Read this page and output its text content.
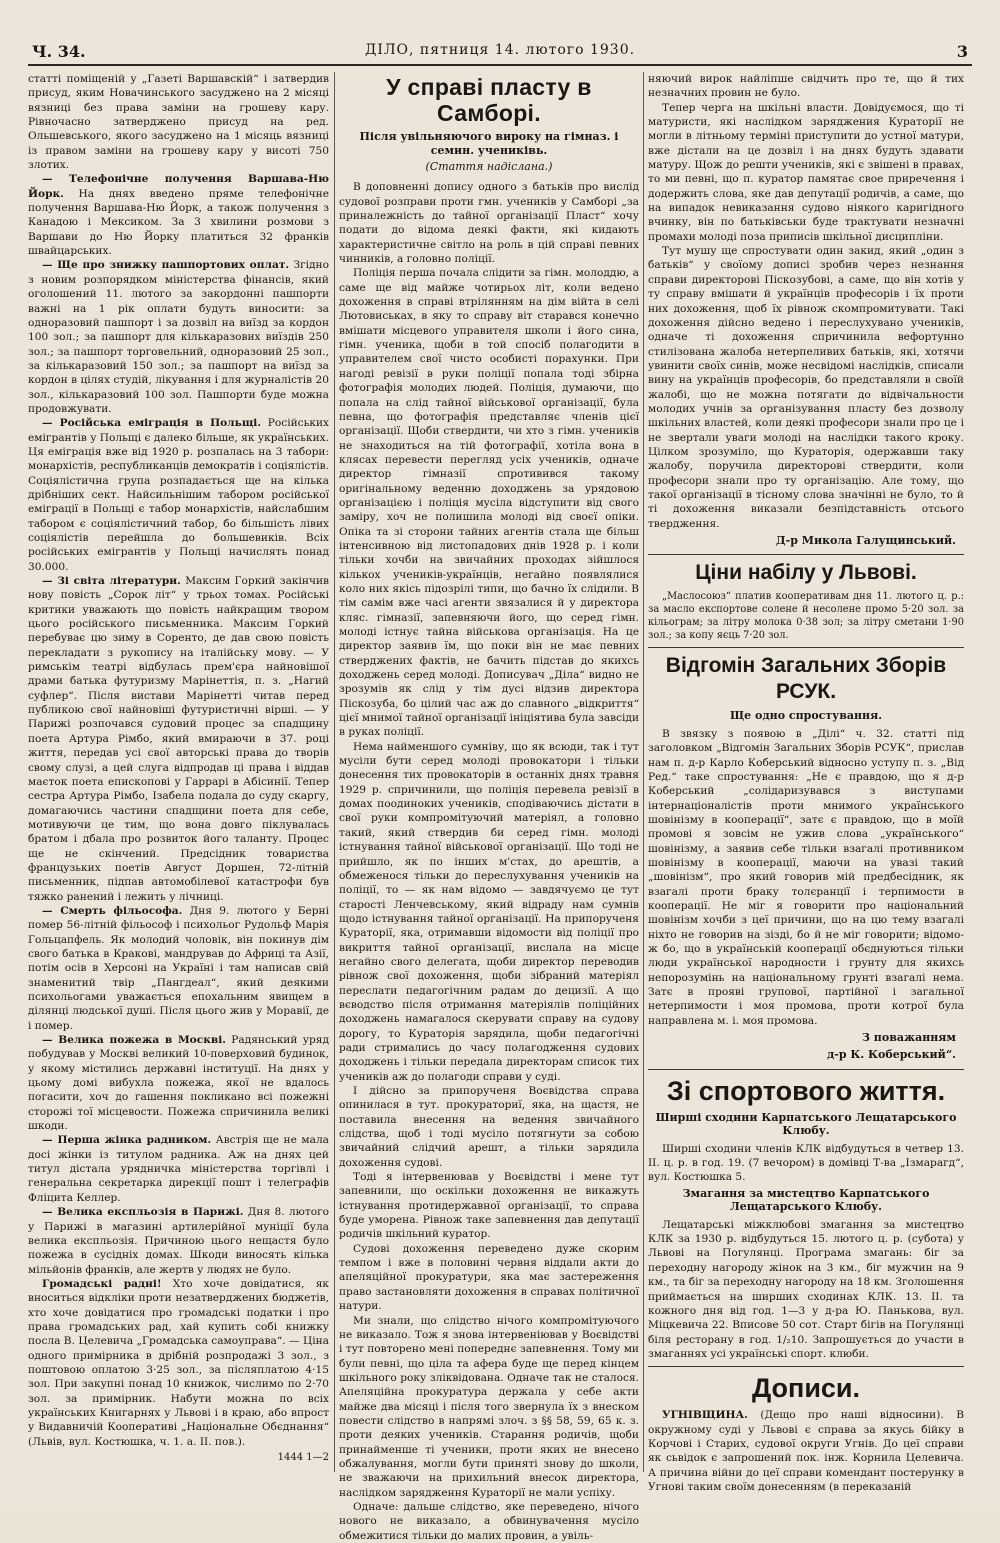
Ч. 34.	ДІЛО, пятниця 14. лютого 1930.	3

статті поміщеній у „Газеті Варшавскій“ і затвердив присуд, яким Новачинського засуджено на 2 місяці вязниці без права заміни на грошеву кару. Рівночасно затверджено присуд на ред. Ольшевського, якого засуджено на 1 місяць вязниці із правом заміни на грошеву кару у висоті 750 злотих.

— Телефонічне получення Варшава-Ню Йорк. На днях введено пряме телефонічне получення Варшава-Ню Йорк, а також получення з Канадою і Мексиком. За 3 хвилини розмови з Варшави до Ню Йорку платиться 32 франків швайцарських.

— Ще про знижку пашпортових оплат. Згідно з новим розпорядком міністерства фінансів, який оголошений 11. лютого за закордонні пашпорти важні на 1 рік оплати будуть виносити: за одноразовий пашпорт і за дозвіл на виїзд за кордон 100 зол.; за пашпорт для кількаразових виїздів 250 зол.; за пашпорт торговельний, одноразовий 25 зол., за кількаразовий 150 зол.; за пашпорт на виїзд за кордон в цілях студій, лікування і для журналістів 20 зол., кількаразовий 100 зол. Пашпорти буде можна продовжувати.

— Російська еміграція в Польщі. Російських емігрантів у Польщі є далеко більше, як українських. Ця еміграція вже від 1920 р. розпалась на 3 табори: монархістів, республиканців демократів і соціялістів. Соціялістична група розпадається ще на кілька дрібніших сект. Найсильнішим табором російської еміграції в Польщі є табор монархістів, найслабшим табором є соціялістичний табор, бо більшість лівих соціялістів перейшла до большевиків. Всіх російських емігрантів у Польщі начислять понад 30.000.

— Зі світа літератури. Максим Горкий закінчив нову повість „Сорок літ“ у трьох томах. Російські критики уважають що повість найкращим твором цього російського письменника. Максим Горкий перебуває цю зиму в Соренто, де дав свою повість перекладати з рукопису на італійську мову. — У римськім театрі відбулась прем'єра найновішої драми батька футуризму Марінеттія, п. з. „Нагий суфлер“. Після вистави Марінетті читав перед публикою свої найновіші футуристичні вірші. — У Парижі розпочався судовий процес за спадщину поета Артура Рімбо, який вмираючи в 37. році життя, передав усі свої авторські права до творів свому слузі, а цей слуга відпродав ці права і віддав маєток поета епископові у Гаррарі в Абісинії. Тепер сестра Артура Рімбо, Ізабела подала до суду скаргу, домагаючись частини спадщини поета для себе, мотивуючи це тим, що вона довго піклувалась братом і дбала про розвиток його таланту. Процес ще не скінчений. Предсідник товариства французьких поетів Август Доршен, 72-літній письменник, підпав автомобілевої катастрофи був тяжко ранений і лежить у лічниці.

— Смерть фільософа. Дня 9. лютого у Берні помер 56-літній фільософ і психольог Рудольф Марія Гольцапфель. Як молодий чоловік, він покинув дім свого батька в Кракові, мандрував до Африці та Азії, потім осів в Херсоні на Україні і там написав свій знаменитий твір „Пангдеал“, який деякими психольогами уважається епохальним явищем в ділянці людської душі. Після цього жив у Моравії, де і помер.

— Велика пожежа в Москві. Радянський уряд побудував у Москві великий 10-поверховий будинок, у якому містились державні інституції. На днях у цьому домі вибухла пожежа, якої не вдалось погасити, хоч до гашення покликано всі пожежні сторожі тої місцевости. Пожежа спричинила великі шкоди.

— Перша жінка радником. Австрія ще не мала досі жінки із титулом радника. Аж на днях цей титул дістала урядничка міністерства торгівлі і генеральна секретарка дирекції пошт і телеграфів Фліцита Келлер.

— Велика експльозія в Парижі. Дня 8. лютого у Парижі в магазині артилерійної муніції була велика експльозія. Причиною цього нещастя було пожежа в сусідніх домах. Шкоди виносять кілька мільйонів франків, але жертв у людях не було.

Громадські радні! Хто хоче довідатися, як вноситься відкліки проти незатверджених бюджетів, хто хоче довідатися про громадські податки і про права громадських рад, хай купить собі книжку посла В. Целевича „Громадська самоуправа“. — Ціна одного примірника в дрібній розпродажі 3 зол., з поштовою оплатою 3·25 зол., за післяплатою 4·15 зол. При закупні понад 10 книжок, числимо по 2·70 зол. за примірник. Набути можна по всіх українських Книгарнях у Львові і в краю, або впрост у Видавничій Кооперативі „Національне Обєднання“ (Львів, вул. Костюшка, ч. 1. а. II. пов.).

1444 1—2
У справі пласту в Самборі.
Після увільняючого вироку на гімназ. і семин. учениківь.
(Стаття надіслана.)

В доповненні допису одного з батьків про вислід судової розправи проти гмн. учеників у Самборі „за приналежність до тайної організації Пласт“ хочу подати до відома деякі факти, які кидають характеристичне світло на роль в цій справі певних чинників, а головно поліції.

Поліція перша почала слідити за гімн. молоддю, а саме ще від майже чотирьох літ, коли ведено дохоження в справі втрілянням на дім війта в селі Лютовиськах, в яку то справу віт старався конечно вмішати місцевого управителя школи і його сина, гімн. ученика, щоби в той спосіб полагодити в управителем свої чисто особисті порахунки. При нагоді ревізії в руки поліції попала тоді збірна фотографія молодих людей. Поліція, думаючи, що попала на слід тайної військової організації, була певна, що фотографія представляє членів цієї організації. Щоби ствердити, чи хто з гімн. учеників не знаходиться на тій фотографії, хотіла вона в клясах перевести перегляд усіх учеників, одначе директор гімназії спротивився такому оригінальному веденню доходжень за урядовою організацією і поліція мусіла відступити від свого заміру, хоч не полишила молоді від своєї опіки. Опіка та зі сторони тайних агентів стала ще більш інтенсивною від листопадових днів 1928 р. і коли тільки хочби на звичайних проходах зійшлося кількох учеників-українців, негайно появлялися коло них якісь підозрілі типи, що бачно їх слідили. В тім самім вже часі агенти звязалися й у директора кляс. гімназії, запевняючи його, що серед гімн. молоді істнує тайна військова організація. На це директор заявив їм, що поки він не має певних стверджених фактів, не бачить підстав до якихсь доходжень серед молоді. Дописувач „Діла“ видно не зрозумів як слід у тім дусі відзив директора Піскозуба, бо цілий час аж до славного „відкриття“ цієї мнимої тайної організації ініціятива була завсіди в руках поліції.

Нема найменшого сумніву, що як всюди, так і тут мусіли бути серед молоді провокатори і тільки донесення тих провокаторів в останніх днях травня 1929 р. спричинили, що поліція перевела ревізії в домах поодиноких учеників, сподіваючись дістати в свої руки компромітуючий матеріял, а головно такий, який ствердив би серед гімн. молоді істнування тайної військової організації. Що тоді не прийшло, як по інших м'стах, до арештів, а обмеженося тільки до переслухування учеників на поліції, то — як нам відомо — завдячуємо це тут старості Ленчевському, який відраду нам сумнів щодо істнування тайної організації. На припорученя Кураторії, яка, отримавши відомости від поліції про викриття тайної організації, вислала на місце негайно свого делегата, щоби директор переводив рівнож свої дохоження, щоби зібраний матеріял переслати педагогічним радам до децизії. А що вєводство після отримання матеріялів поліційних доходжень намагалося скерувати справу на судову дорогу, то Кураторія зарядила, щоби педагогічні ради стримались до часу полагодження судових доходжень і тільки передала директорам список тих учеників аж до полагоди справи у суді.

І дійсно за припорученя Воєвідства справа опинилася в тут. прокураториї, яка, на щастя, не поставила внесення на ведення звичайного слідства, щоб і тоді мусіло потягнути за собою звичайний слідчий арешт, а тільки зарядила дохоження судові.

Тоді я інтервенював у Воєвідстві і мене тут запевнили, що оскільки дохоження не викажуть істнування протидержавної організації, то справа буде уморена. Рівнож таке запевнення дав депутації родичів шкільний куратор.

Судові дохоження переведено дуже скорим темпом і вже в половині червня віддали акти до апеляційної прокуратури, яка має застереження право застановляти дохоження в справах політичної натури.

Ми знали, що слідство нічого компромітуючого не виказало. Тож я знова інтервеніював у Воєвідстві і тут повторено мені попереднє запевнення. Тому ми були певні, що ціла та афера буде ще перед кінцем шкільного року зліквідована. Одначе так не сталося. Апеляційна прокуратура держала у себе акти майже два місяці і після того звернула їх з внеском повести слідство в напрямі злоч. з §§ 58, 59, 65 к. з. проти деяких учеників. Старання родичів, щоби принайменше ті ученики, проти яких не внесено обжалування, могли бути приняті знову до школи, не зважаючи на прихильний внесок директора, наслідком зарядження Кураторії не мали успіху.

Одначе: дальше слідство, яке переведено, нічого нового не виказало, а обвинувачення мусіло обмежитися тільки до малих провин, а увіль-

няючий вирок найліпше свідчить про те, що й тих незначних провин не було.

Тепер черга на шкільні власти. Довідуємося, що ті матуристи, які наслідком заряджения Кураторії не могли в літньому терміні приступити до устної матури, вже дістали на це дозвіл і на днях будуть здавати матуру. Щож до решти учеників, які є звішені в правах, то ми певні, що п. куратор памятає свое приречення і додержить слова, яке дав депутації родичів, а саме, що на випадок невиказання судово ніякого каригідного вчинку, він по батьківськи буде трактувати незначні промахи молоді поза приписів шкільної дисципліни.

Тут мушу ще спростувати один закид, який „один з батьків“ у своїому дописі зробив через незнання справи директорові Піскозубові, а саме, що він хотів у ту справу вмішати й українців професорів і їх проти них дохоження, щоб їх рівнож скомпромитувати. Такі дохоження дійсно ведено і переслухувано учеників, одначе ті дохоження спричинила вефортунно стилізована жалоба нетерпеливих батьків, які, хотячи увинити своїх синів, може несвідомі наслідків, списали вину на українців професорів, бо представляли в своїй жалобі, що не можна потягати до відвічальности молодих учнів за організування пласту без дозволу шкільних властей, коли деякі професори знали про це і не звертали уваги молоді на наслідки такого кроку. Цілком зрозуміло, що Кураторія, одержавши таку жалобу, поручила директорові ствердити, коли професори знали про ту організацію. Але тому, що такої організації в тісному слова значінні не було, то й ті дохоження виказали безпідставність отсього твердження.

Д-р Микола Галущинський.
Ціни набілу у Львові.

„Маслосоюз“ платив кооперативам дня 11. лютого ц. р.: за масло експортове солене й несолене промо 5·20 зол. за кільограм; за літру молока 0·38 зол; за літру сметани 1·90 зол.; за копу яєць 7·20 зол.

Відгомін Загальних Зборів РСУК.
Ще одно спростування.

В звязку з появою в „Ділі“ ч. 32. статті під заголовком „Відгомін Загальних Зборів РСУК“, прислав нам п. д-р Карло Коберський відносно уступу п. з. „Від Ред.“ таке спростування: „Не є правдою, що я д-р Коберський „солідаризувався з виступами інтернаціоналістів проти мнимого українського шовінізму в кооперації“, затє є правдою, що в моїй промові я зовсім не ужив слова „українського“ шовінізму, а заявив себе тільки взагалі противником шовінізму в кооперації, маючи на увазі такий „шовінізм“, про який говорив мій предбесідник, як взагалі проти браку толєранції і терпимости в кооперації. Не міг я говорити про національний шовінізм хочби з цеї причини, що на цю тему взагалі ніхто не говорив на зізді, бо й не міг говорити; відомо-ж бо, що в українській кооперації обєднуються тільки люди української народности і грунту для якихсь непорозумінь на національному грунті взагалі нема. Затє в прояві групової, партійної і загальної нетерпимости і моя промова, проти котрої була направлена м. і. моя промова.

З поважанням
д-р К. Коберський“.
Зі спортового життя.
Ширші сходини Карпатського Лещатарського Клюбу.

Ширші сходини членів КЛК відбудуться в четвер 13. II. ц. р. в год. 19. (7 вечором) в домівці Т-ва „Ізмарагд“, вул. Костюшка 5.

Змагання за мистецтво Карпатського Лещатарського Клюбу.

Лещатарські міжклюбові змагання за мистецтво КЛК за 1930 р. відбудуться 15. лютого ц. р. (субота) у Львові на Погулянці. Програма змагань: біг за переходну нагороду жінок на 3 км., біг мужчин на 9 км., та біг за переходну нагороду на 18 км. Зголошення приймається на ширших сходинах КЛК. 13. II. та кожного дня від год. 1—3 у д-ра Ю. Панькова, вул. Міцкевича 22. Вписове 50 сот. Старт бігів на Погулянці біля ресторану в год. 1/₂10. Запрошується до участи в змаганнях усі українські спорт. клюби.

Дописи.

УГНІВЩИНА. (Дещо про наші відносини). В окружному суді у Львові є справа за якусь бійку в Корчові і Старих, судової округи Угнів. До цеї справи як сьвідок є запрошений пок. інж. Корнила Целевича. А причина війни до цеї справи комендант постерунку в Угнові таким своїм донесенням (в переказаній
